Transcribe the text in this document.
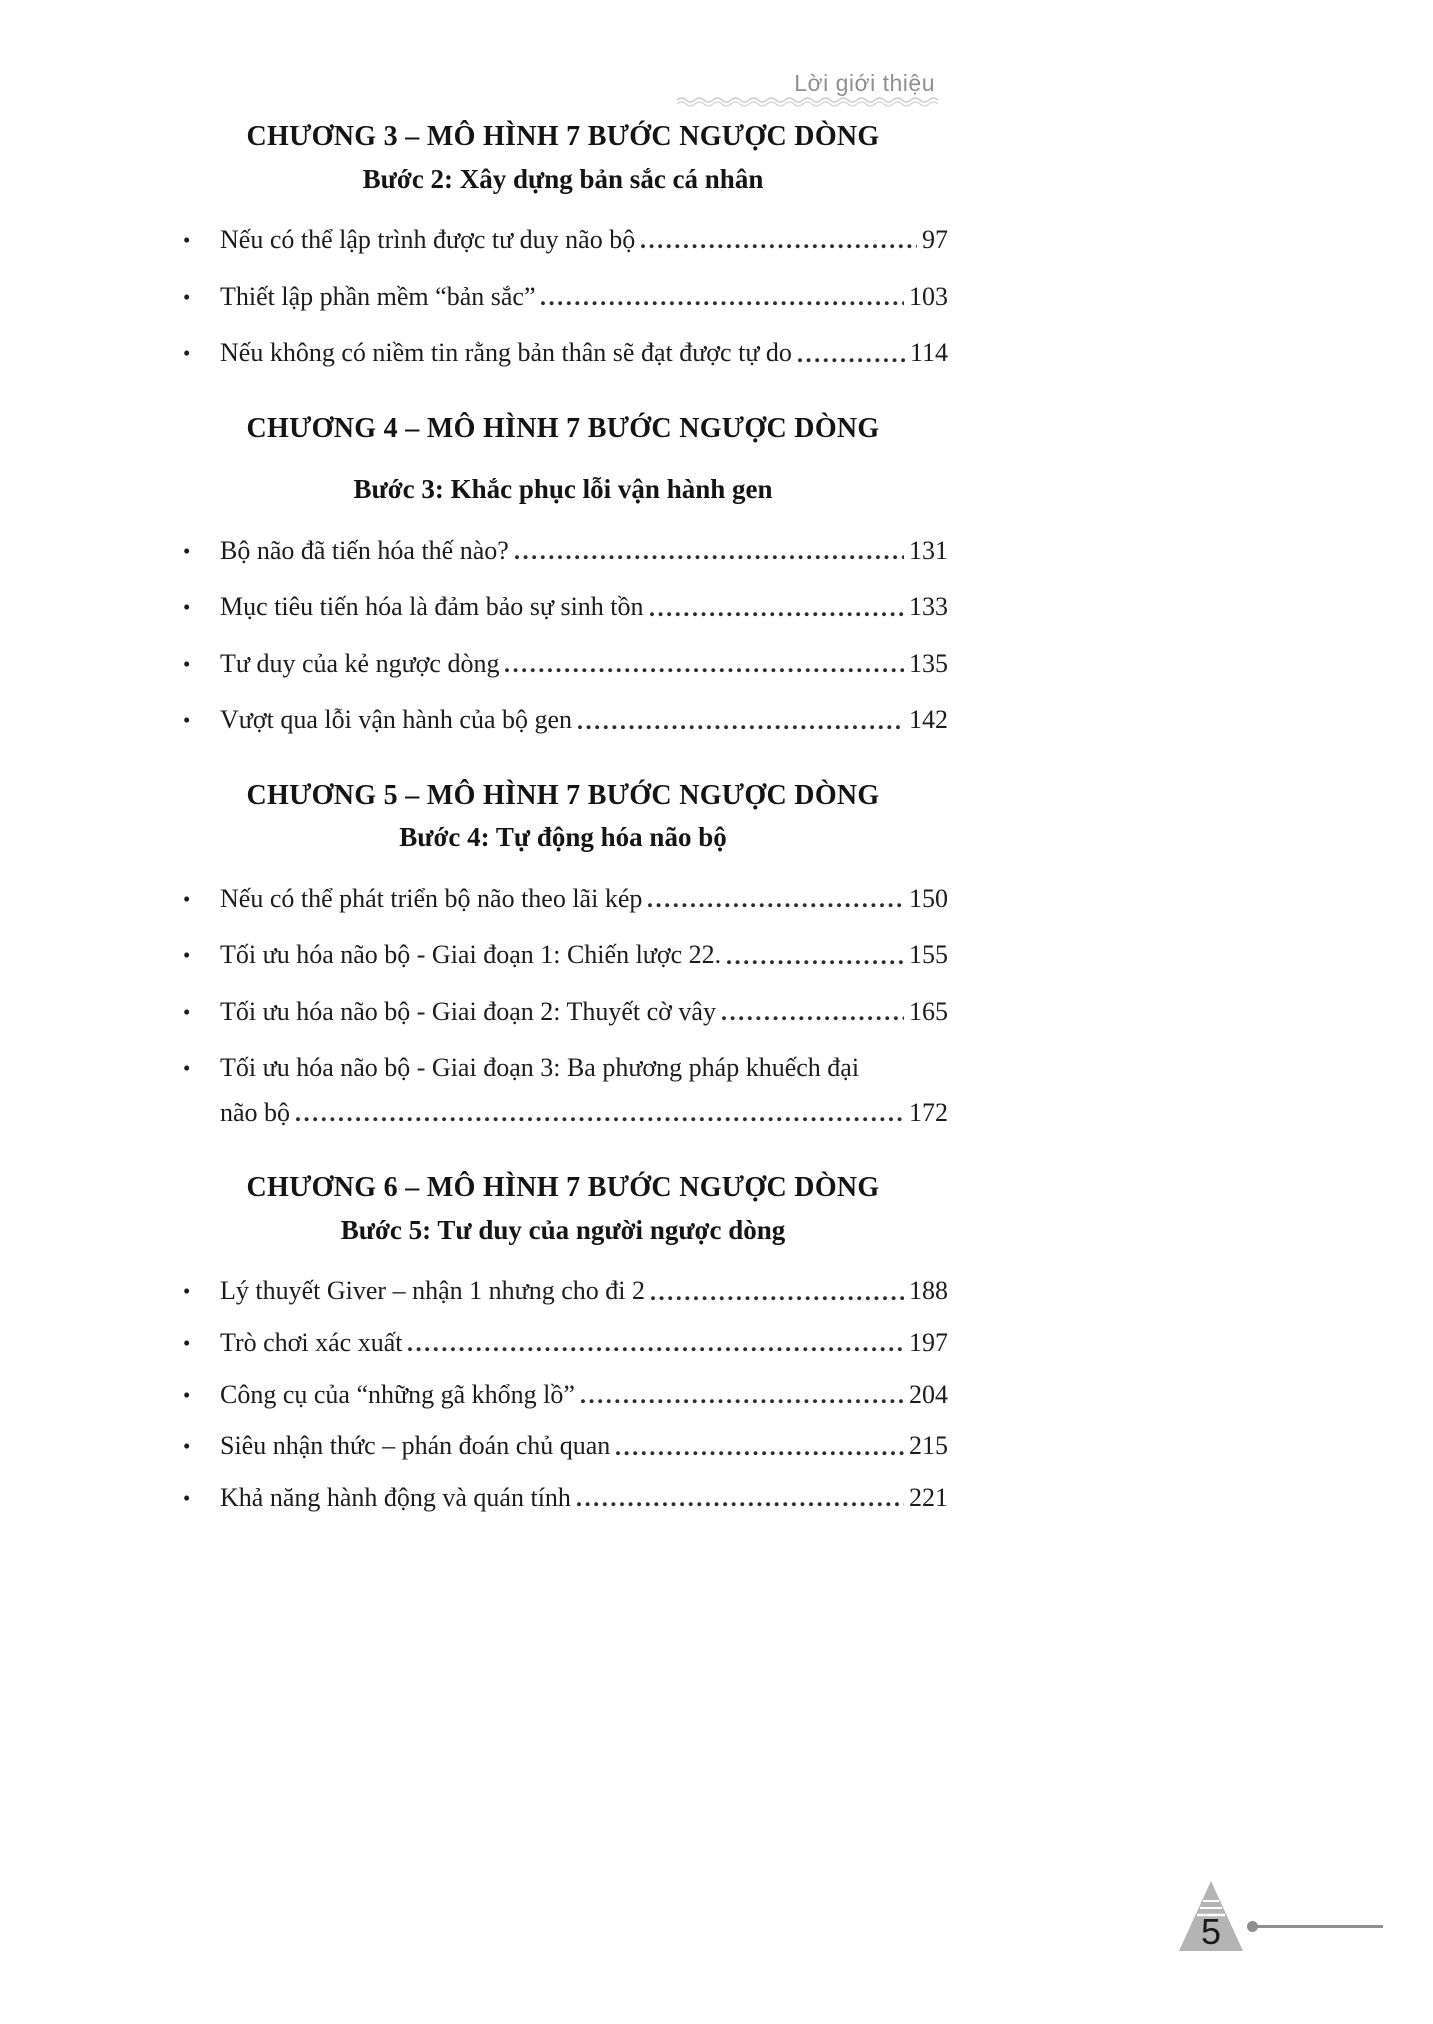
Lời giới thiệu
CHƯƠNG 3 – MÔ HÌNH 7 BƯỚC NGƯỢC DÒNG
Bước 2: Xây dựng bản sắc cá nhân
•	Nếu có thể lập trình được tư duy não bộ	97
•	Thiết lập phần mềm “bản sắc”	103
•	Nếu không có niềm tin rằng bản thân sẽ đạt được tự do	114
CHƯƠNG 4 – MÔ HÌNH 7 BƯỚC NGƯỢC DÒNG
Bước 3: Khắc phục lỗi vận hành gen
•	Bộ não đã tiến hóa thế nào?	131
•	Mục tiêu tiến hóa là đảm bảo sự sinh tồn	133
•	Tư duy của kẻ ngược dòng	135
•	Vượt qua lỗi vận hành của bộ gen	142
CHƯƠNG 5 – MÔ HÌNH 7 BƯỚC NGƯỢC DÒNG
Bước 4: Tự động hóa não bộ
•	Nếu có thể phát triển bộ não theo lãi kép	150
•	Tối ưu hóa não bộ - Giai đoạn 1: Chiến lược 22.	155
•	Tối ưu hóa não bộ - Giai đoạn 2: Thuyết cờ vây	165
•	Tối ưu hóa não bộ - Giai đoạn 3: Ba phương pháp khuếch đại
não bộ	172
CHƯƠNG 6 – MÔ HÌNH 7 BƯỚC NGƯỢC DÒNG
Bước 5: Tư duy của người ngược dòng
•	Lý thuyết Giver – nhận 1 nhưng cho đi 2	188
•	Trò chơi xác xuất	197
•	Công cụ của “những gã khổng lồ”	204
•	Siêu nhận thức – phán đoán chủ quan	215
•	Khả năng hành động và quán tính	221
5
